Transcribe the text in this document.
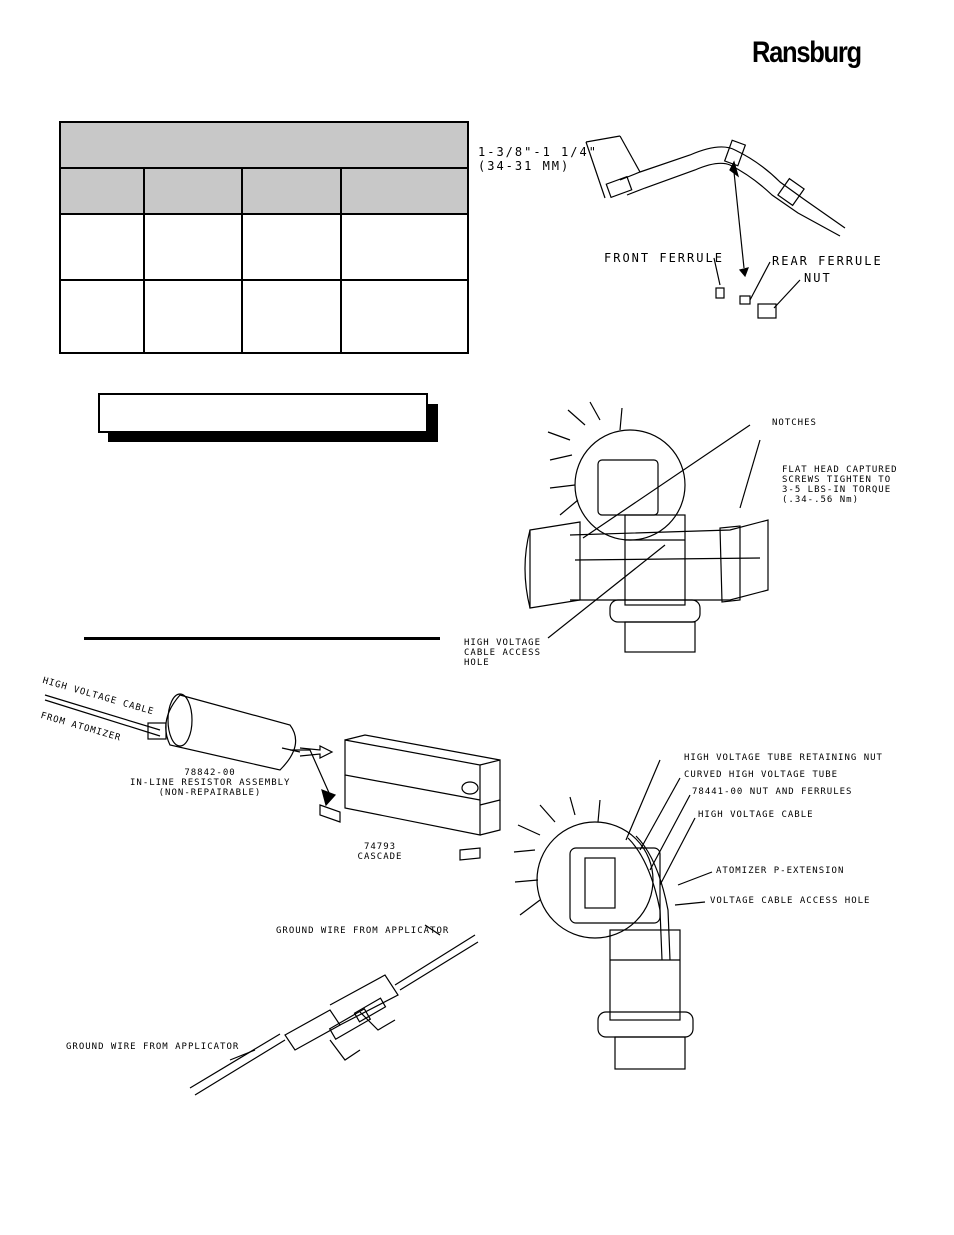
Ransburg

1-3/8"-1 1/4"
(34-31 MM)
FRONT FERRULE	REAR FERRULE
NUT
NOTCHES
FLAT HEAD CAPTURED
SCREWS TIGHTEN TO
3-5 LBS-IN TORQUE
(.34-.56 Nm)
HIGH VOLTAGE
CABLE ACCESS
HOLE
HIGH VOLTAGE CABLE
FROM ATOMIZER
78842-00
IN-LINE RESISTOR ASSEMBLY
(NON-REPAIRABLE)
74793
CASCADE
GROUND WIRE FROM APPLICATOR
GROUND WIRE FROM APPLICATOR
HIGH VOLTAGE TUBE RETAINING NUT
CURVED HIGH VOLTAGE TUBE
78441-00 NUT AND FERRULES
HIGH VOLTAGE CABLE
ATOMIZER P-EXTENSION
VOLTAGE CABLE ACCESS HOLE
